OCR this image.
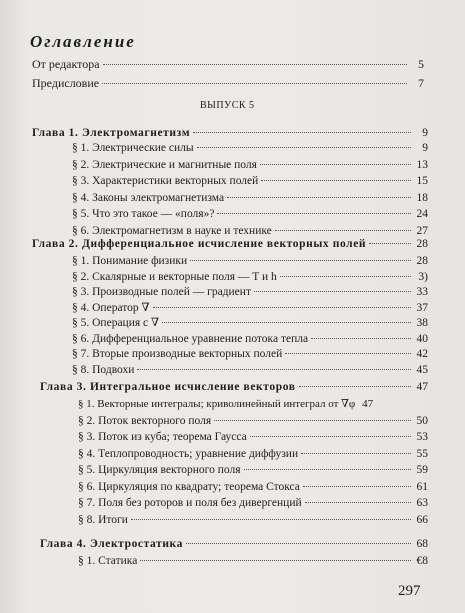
Оглавление
От редактора	5
Предисловие	7
ВЫПУСК 5
Глава 1. Электромагнетизм	9
§ 1. Электрические силы	9
§ 2. Электрические и магнитные поля	13
§ 3. Характеристики векторных полей	15
§ 4. Законы электромагнетизма	18
§ 5. Что это такое — «поля»?	24
§ 6. Электромагнетизм в науке и технике	27
Глава 2. Дифференциальное исчисление векторных полей	28
§ 1. Понимание физики	28
§ 2. Скалярные и векторные поля — T и h	3)
§ 3. Производные полей — градиент	33
§ 4. Оператор ∇	37
§ 5. Операция с ∇	38
§ 6. Дифференциальное уравнение потока тепла	40
§ 7. Вторые производные векторных полей	42
§ 8. Подвохи	45
Глава 3. Интегральное исчисление векторов	47
§ 1. Векторные интегралы; криволинейный интеграл от ∇φ 47
§ 2. Поток векторного поля	50
§ 3. Поток из куба; теорема Гаусса	53
§ 4. Теплопроводность; уравнение диффузии	55
§ 5. Циркуляция векторного поля	59
§ 6. Циркуляция по квадрату; теорема Стокса	61
§ 7. Поля без роторов и поля без дивергенций	63
§ 8. Итоги	66
Глава 4. Электростатика	68
§ 1. Статика	€8
297
